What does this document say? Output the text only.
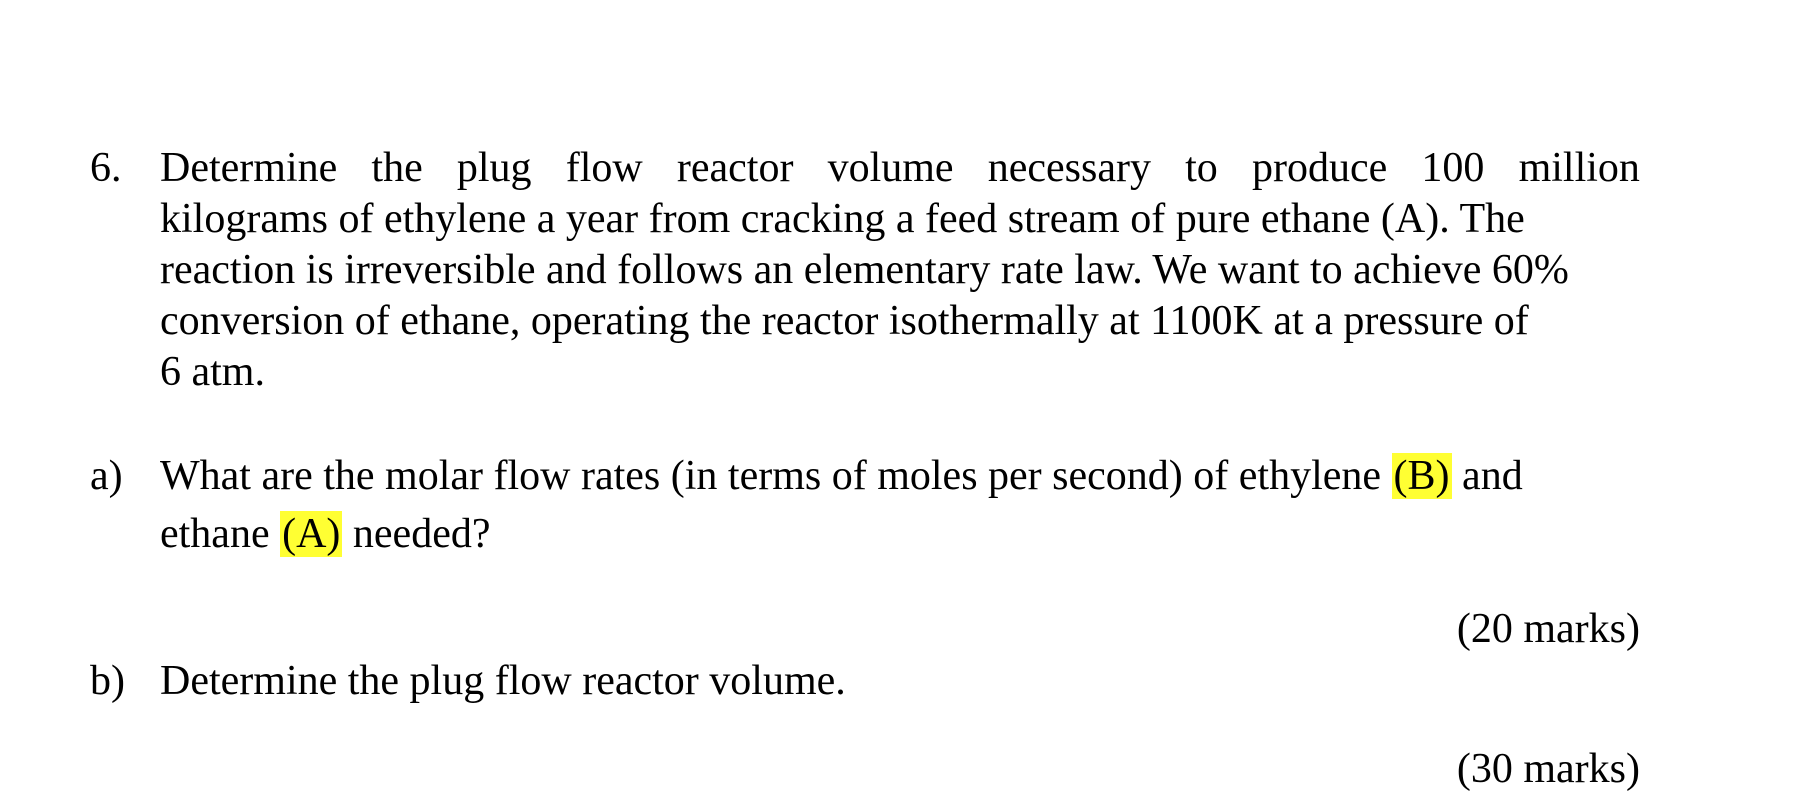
6. Determine the plug flow reactor volume necessary to produce 100 million
kilograms of ethylene a year from cracking a feed stream of pure ethane (A). The
reaction is irreversible and follows an elementary rate law. We want to achieve 60%
conversion of ethane, operating the reactor isothermally at 1100K at a pressure of
6 atm.
a) What are the molar flow rates (in terms of moles per second) of ethylene (B) and
ethane (A) needed?
(20 marks)
b) Determine the plug flow reactor volume.
(30 marks)
